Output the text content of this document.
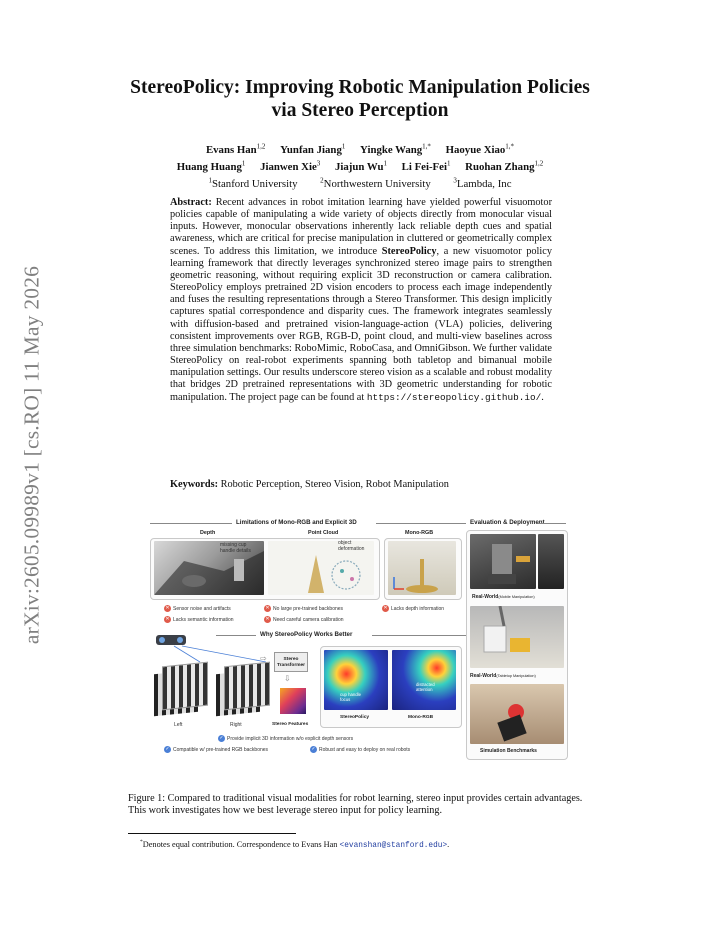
arXiv:2605.09989v1 [cs.RO] 11 May 2026
StereoPolicy: Improving Robotic Manipulation Policies via Stereo Perception
Evans Han$^{1,2}$ Yunfan Jiang$^1$ Yingke Wang$^{1,*}$ Haoyue Xiao$^{1,*}$
Huang Huang$^1$ Jianwen Xie$^3$ Jiajun Wu$^1$ Li Fei-Fei$^1$ Ruohan Zhang$^{1,2}$
$^1$Stanford University	$^2$Northwestern University	$^3$Lambda, Inc

Abstract: Recent advances in robot imitation learning have yielded powerful visuomotor policies capable of manipulating a wide variety of objects directly from monocular visual inputs. However, monocular observations inherently lack reliable depth cues and spatial awareness, which are critical for precise manipulation in cluttered or geometrically complex scenes. To address this limitation, we introduce StereoPolicy, a new visuomotor policy learning framework that directly leverages synchronized stereo image pairs to strengthen geometric reasoning, without requiring explicit 3D reconstruction or camera calibration. StereoPolicy employs pretrained 2D vision encoders to process each image independently and fuses the resulting representations through a Stereo Transformer. This design implicitly captures spatial correspondence and disparity cues. The framework integrates seamlessly with diffusion-based and pretrained vision-language-action (VLA) policies, delivering consistent improvements over RGB, RGB-D, point cloud, and multi-view baselines across three simulation benchmarks: RoboMimic, RoboCasa, and OmniGibson. We further validate StereoPolicy on real-robot experiments spanning both tabletop and bimanual mobile manipulation settings. Our results underscore stereo vision as a scalable and robust modality that bridges 2D pretrained representations with 3D geometric understanding for robotic manipulation. The project page can be found at https://stereopolicy.github.io/.

Keywords: Robotic Perception, Stereo Vision, Robot Manipulation
Limitations of Mono-RGB and Explicit 3D	Evaluation & Deployment
Depth	Point Cloud	Mono-RGB
missing cup handle details
object deformation
✕ Sensor noise and artifacts
✕ Lacks semantic information
✕ No large pre-trained backbones
✕ Need careful camera calibration
✕ Lacks depth information
Why StereoPolicy Works Better
Left	Right
⇨	Stereo Transformer
⇩
Stereo Features
cup handle focus
distracted attention
StereoPolicy	Mono-RGB
✓ Provide implicit 3D information w/o explicit depth sensors
✓ Compatible w/ pre-trained RGB backbones	✓ Robust and easy to deploy on real robots
Real-World(Mobile Manipulation)
Real-World(Tabletop Manipulation)
Simulation Benchmarks

Figure 1: Compared to traditional visual modalities for robot learning, stereo input provides certain advantages. This work investigates how we best leverage stereo input for policy learning.

*Denotes equal contribution. Correspondence to Evans Han <evanshan@stanford.edu>.
